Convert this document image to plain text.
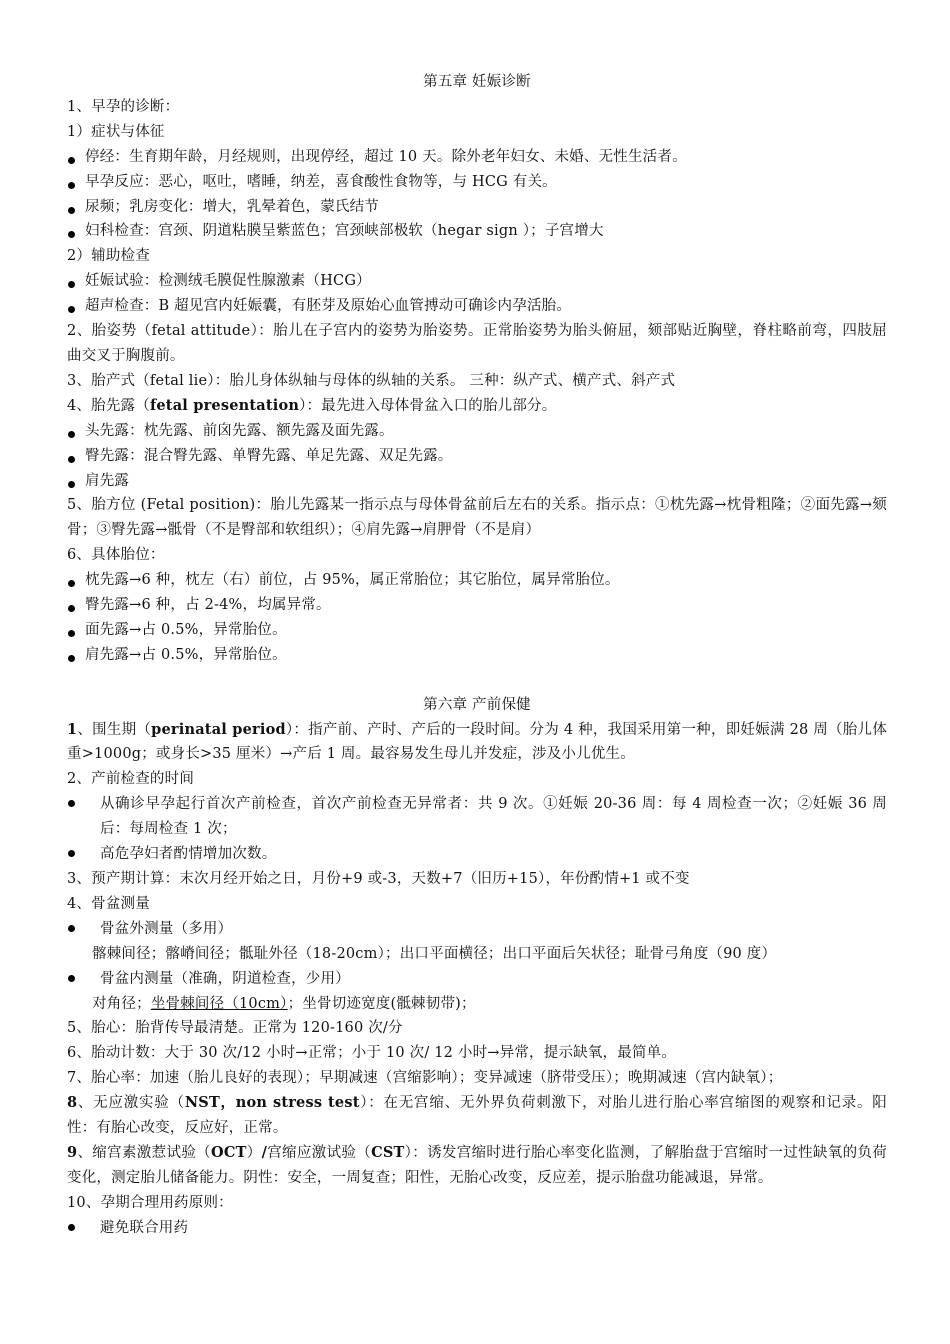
第五章 妊娠诊断
1、早孕的诊断：
1）症状与体征
停经：生育期年龄，月经规则，出现停经，超过 10 天。除外老年妇女、未婚、无性生活者。
早孕反应：恶心，呕吐，嗜睡，纳差，喜食酸性食物等，与 HCG 有关。
尿频；乳房变化：增大，乳晕着色，蒙氏结节
妇科检查：宫颈、阴道粘膜呈紫蓝色；宫颈峡部极软（hegar sign ）；子宫增大
2）辅助检查
妊娠试验：检测绒毛膜促性腺激素（HCG）
超声检查：B 超见宫内妊娠囊，有胚芽及原始心血管搏动可确诊内孕活胎。
2、胎姿势（fetal attitude）：胎儿在子宫内的姿势为胎姿势。正常胎姿势为胎头俯屈，颏部贴近胸壁，脊柱略前弯，四肢屈曲交叉于胸腹前。
3、胎产式（fetal lie）：胎儿身体纵轴与母体的纵轴的关系。 三种：纵产式、横产式、斜产式
4、胎先露（fetal presentation）：最先进入母体骨盆入口的胎儿部分。
头先露：枕先露、前囟先露、额先露及面先露。
臀先露：混合臀先露、单臀先露、单足先露、双足先露。
肩先露
5、胎方位 (Fetal position)：胎儿先露某一指示点与母体骨盆前后左右的关系。指示点：①枕先露→枕骨粗隆；②面先露→颏骨；③臀先露→骶骨（不是臀部和软组织）；④肩先露→肩胛骨（不是肩）
6、具体胎位：
枕先露→6 种，枕左（右）前位，占 95%，属正常胎位；其它胎位，属异常胎位。
臀先露→6 种，占 2-4%，均属异常。
面先露→占 0.5%，异常胎位。
肩先露→占 0.5%，异常胎位。
第六章 产前保健
1、围生期（perinatal period）：指产前、产时、产后的一段时间。分为 4 种，我国采用第一种，即妊娠满 28 周（胎儿体重>1000g；或身长>35 厘米）→产后 1 周。最容易发生母儿并发症，涉及小儿优生。
2、产前检查的时间
从确诊早孕起行首次产前检查，首次产前检查无异常者：共 9 次。①妊娠 20-36 周：每 4 周检查一次；②妊娠 36 周后：每周检查 1 次；
高危孕妇者酌情增加次数。
3、预产期计算：末次月经开始之日，月份+9 或-3，天数+7（旧历+15），年份酌情+1 或不变
4、骨盆测量
骨盆外测量（多用）
髂棘间径；髂嵴间径；骶耻外径（18-20cm）；出口平面横径；出口平面后矢状径；耻骨弓角度（90 度）
骨盆内测量（准确，阴道检查，少用）
对角径；坐骨棘间径（10cm）；坐骨切迹宽度(骶棘韧带)；
5、胎心：胎背传导最清楚。正常为 120-160 次/分
6、胎动计数：大于 30 次/12 小时→正常；小于 10 次/ 12 小时→异常，提示缺氧，最简单。
7、胎心率：加速（胎儿良好的表现）；早期减速（宫缩影响）；变异减速（脐带受压）；晚期减速（宫内缺氧）；
8、无应激实验（NST，non stress test）：在无宫缩、无外界负荷刺激下，对胎儿进行胎心率宫缩图的观察和记录。阳性：有胎心改变，反应好，正常。
9、缩宫素激惹试验（OCT）/宫缩应激试验（CST）：诱发宫缩时进行胎心率变化监测，了解胎盘于宫缩时一过性缺氧的负荷变化，测定胎儿储备能力。阴性：安全，一周复查；阳性，无胎心改变，反应差，提示胎盘功能减退，异常。
10、孕期合理用药原则：
避免联合用药
